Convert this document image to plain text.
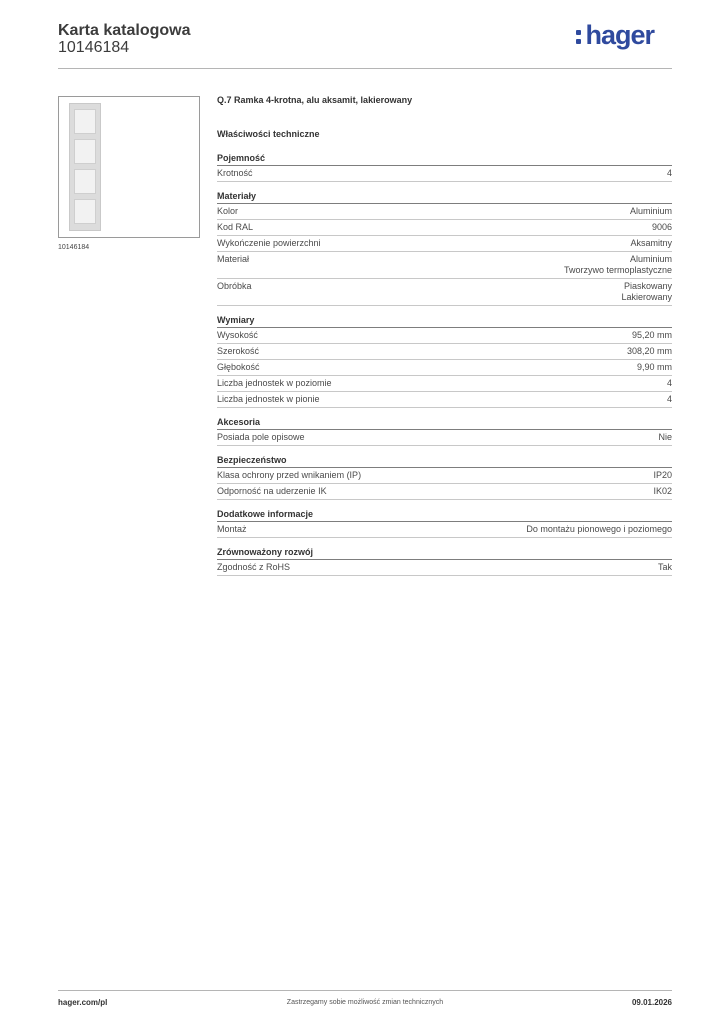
Karta katalogowa
10146184	hager
10146184
Q.7 Ramka 4-krotna, alu aksamit, lakierowany
Właściwości techniczne
Pojemność
Krotność	4
Materiały
Kolor	Aluminium
Kod RAL	9006
Wykończenie powierzchni	Aksamitny
Materiał	Aluminium
Tworzywo termoplastyczne
Obróbka	Piaskowany
Lakierowany
Wymiary
Wysokość	95,20 mm
Szerokość	308,20 mm
Głębokość	9,90 mm
Liczba jednostek w poziomie	4
Liczba jednostek w pionie	4
Akcesoria
Posiada pole opisowe	Nie
Bezpieczeństwo
Klasa ochrony przed wnikaniem (IP)	IP20
Odporność na uderzenie IK	IK02
Dodatkowe informacje
Montaż	Do montażu pionowego i poziomego
Zrównoważony rozwój
Zgodność z RoHS	Tak
Zastrzegamy sobie możliwość zmian technicznych
hager.com/pl	09.01.2026
